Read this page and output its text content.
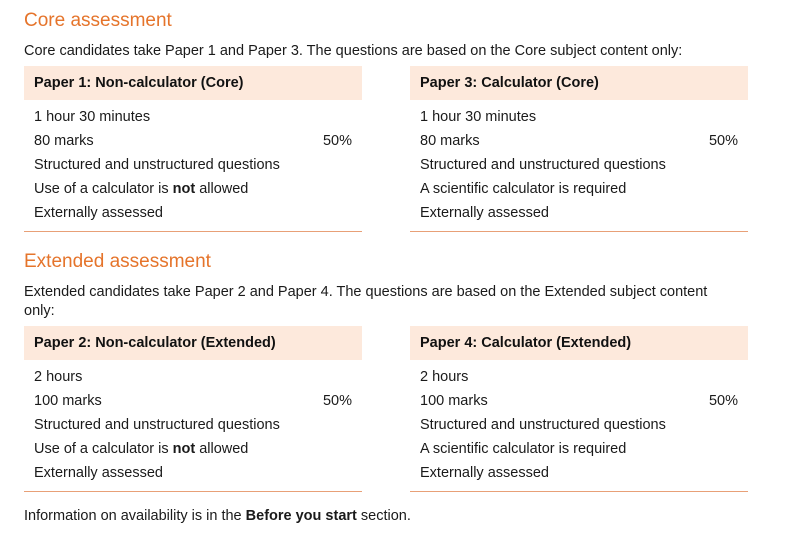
Core assessment

Core candidates take Paper 1 and Paper 3. The questions are based on the Core subject content only:

Paper 1: Non-calculator (Core)
1 hour 30 minutes
80 marks	50%
Structured and unstructured questions
Use of a calculator is not allowed
Externally assessed
Paper 3: Calculator (Core)
1 hour 30 minutes
80 marks	50%
Structured and unstructured questions
A scientific calculator is required
Externally assessed
Extended assessment

Extended candidates take Paper 2 and Paper 4. The questions are based on the Extended subject content only:

Paper 2: Non-calculator (Extended)
2 hours
100 marks	50%
Structured and unstructured questions
Use of a calculator is not allowed
Externally assessed
Paper 4: Calculator (Extended)
2 hours
100 marks	50%
Structured and unstructured questions
A scientific calculator is required
Externally assessed

Information on availability is in the Before you start section.
